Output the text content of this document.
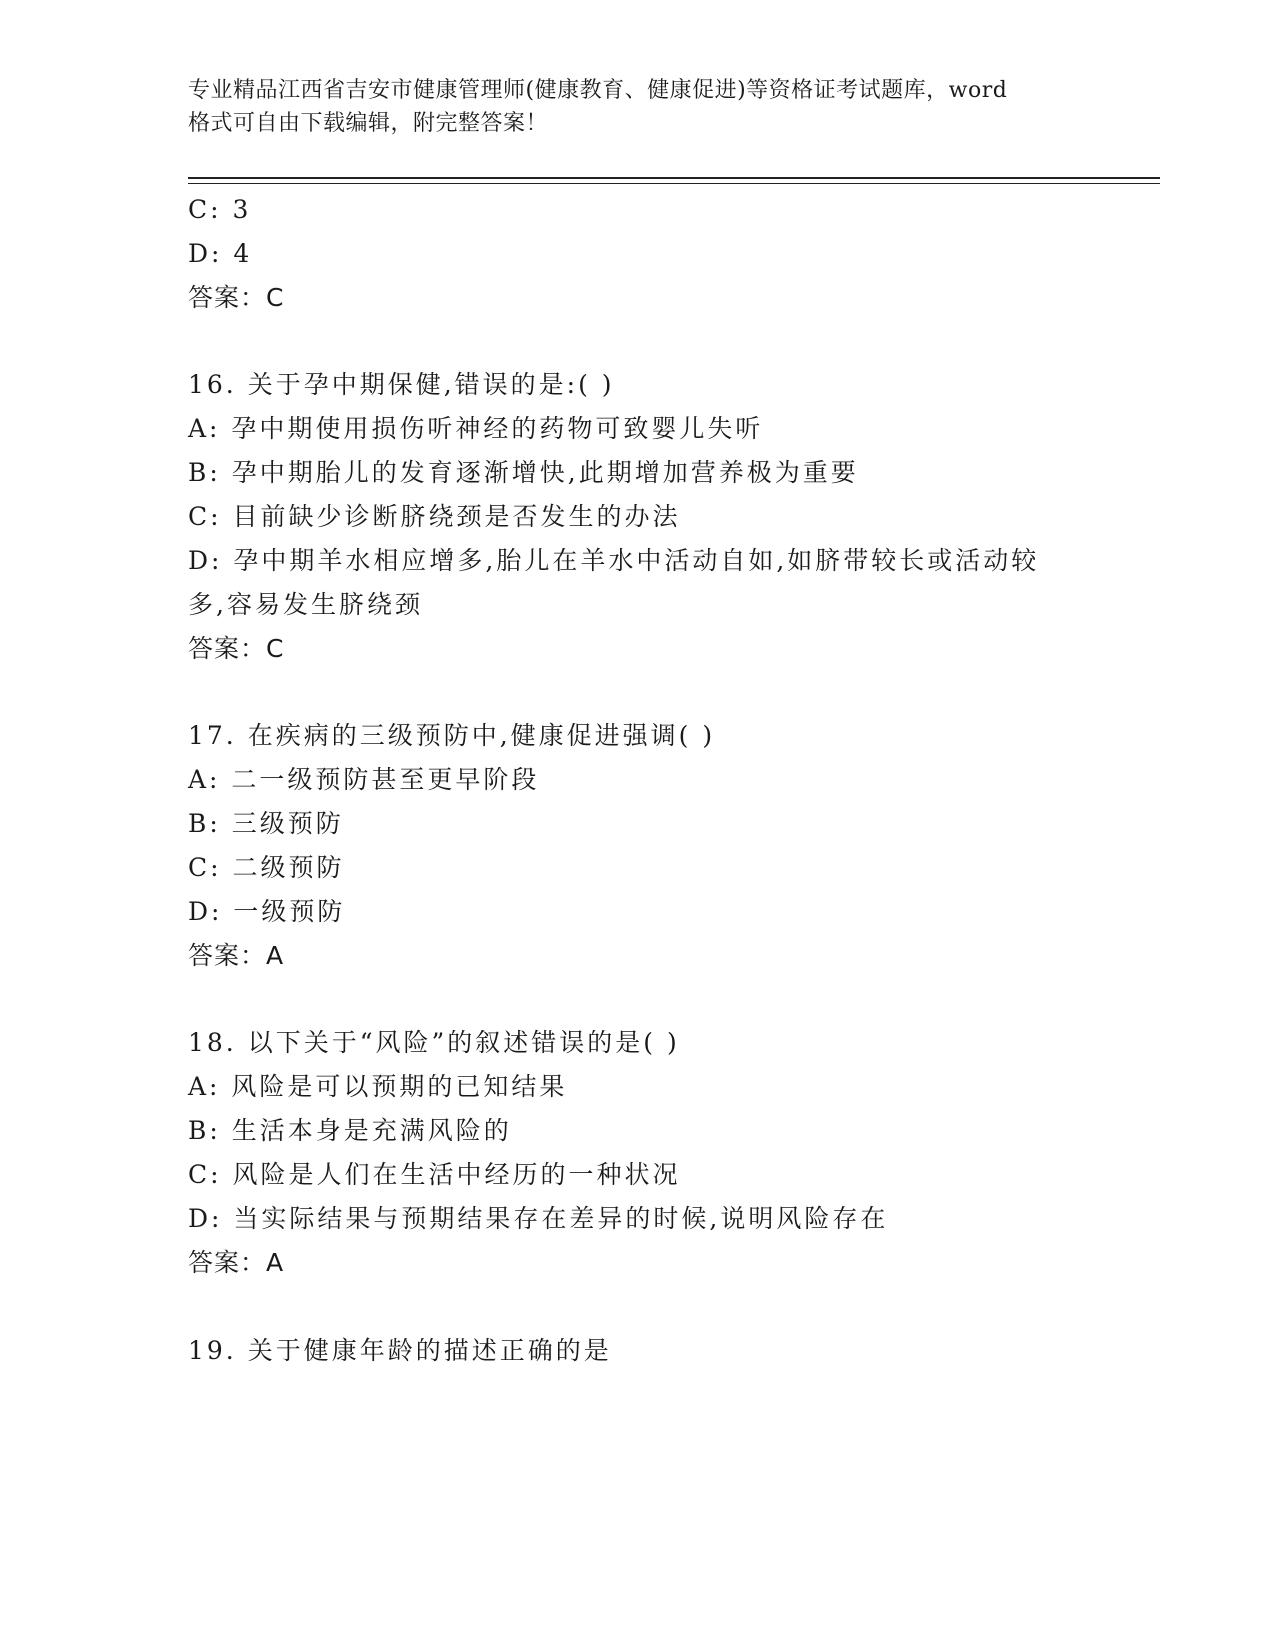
专业精品江西省吉安市健康管理师(健康教育、健康促进)等资格证考试题库，word
格式可自由下载编辑，附完整答案！
C: 3
D: 4
答案：C
16. 关于孕中期保健,错误的是:( )
A: 孕中期使用损伤听神经的药物可致婴儿失听
B: 孕中期胎儿的发育逐渐增快,此期增加营养极为重要
C: 目前缺少诊断脐绕颈是否发生的办法
D: 孕中期羊水相应增多,胎儿在羊水中活动自如,如脐带较长或活动较
多,容易发生脐绕颈
答案：C
17. 在疾病的三级预防中,健康促进强调( )
A: 二一级预防甚至更早阶段
B: 三级预防
C: 二级预防
D: 一级预防
答案：A
18. 以下关于“风险”的叙述错误的是( )
A: 风险是可以预期的已知结果
B: 生活本身是充满风险的
C: 风险是人们在生活中经历的一种状况
D: 当实际结果与预期结果存在差异的时候,说明风险存在
答案：A
19. 关于健康年龄的描述正确的是
